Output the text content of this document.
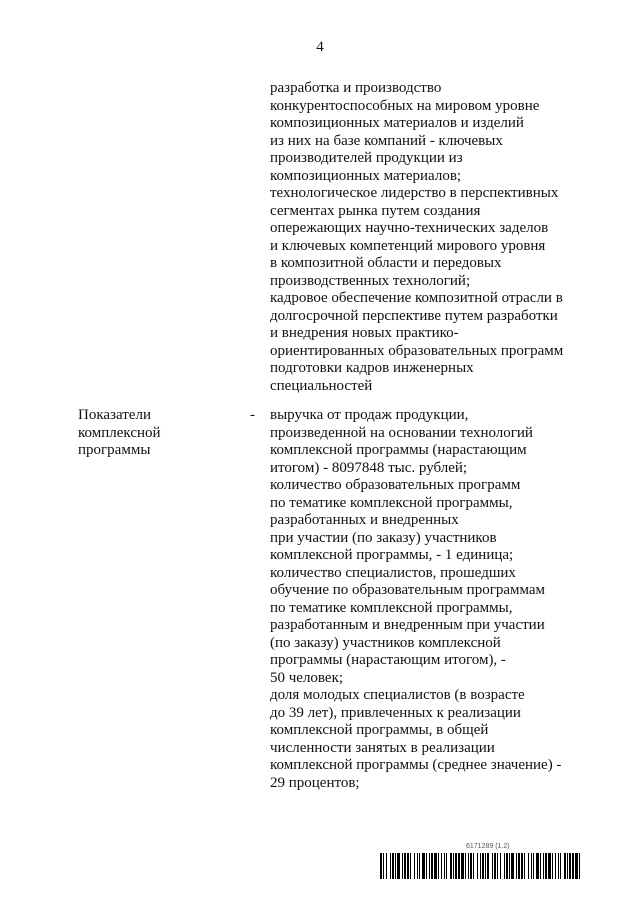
4
разработка и производство
конкурентоспособных на мировом уровне
композиционных материалов и изделий
из них на базе компаний - ключевых
производителей продукции из
композиционных материалов;
технологическое лидерство в перспективных
сегментах рынка путем создания
опережающих научно-технических заделов
и ключевых компетенций мирового уровня
в композитной области и передовых
производственных технологий;
кадровое обеспечение композитной отрасли в
долгосрочной перспективе путем разработки
и внедрения новых практико-
ориентированных образовательных программ
подготовки кадров инженерных
специальностей
Показатели
комплексной
программы
- выручка от продаж продукции,
произведенной на основании технологий
комплексной программы (нарастающим
итогом) - 8097848 тыс. рублей;
количество образовательных программ
по тематике комплексной программы,
разработанных и внедренных
при участии (по заказу) участников
комплексной программы, - 1 единица;
количество специалистов, прошедших
обучение по образовательным программам
по тематике комплексной программы,
разработанным и внедренным при участии
(по заказу) участников комплексной
программы (нарастающим итогом), -
50 человек;
доля молодых специалистов (в возрасте
до 39 лет), привлеченных к реализации
комплексной программы, в общей
численности занятых в реализации
комплексной программы (среднее значение) -
29 процентов;
6171289 (1.2)
